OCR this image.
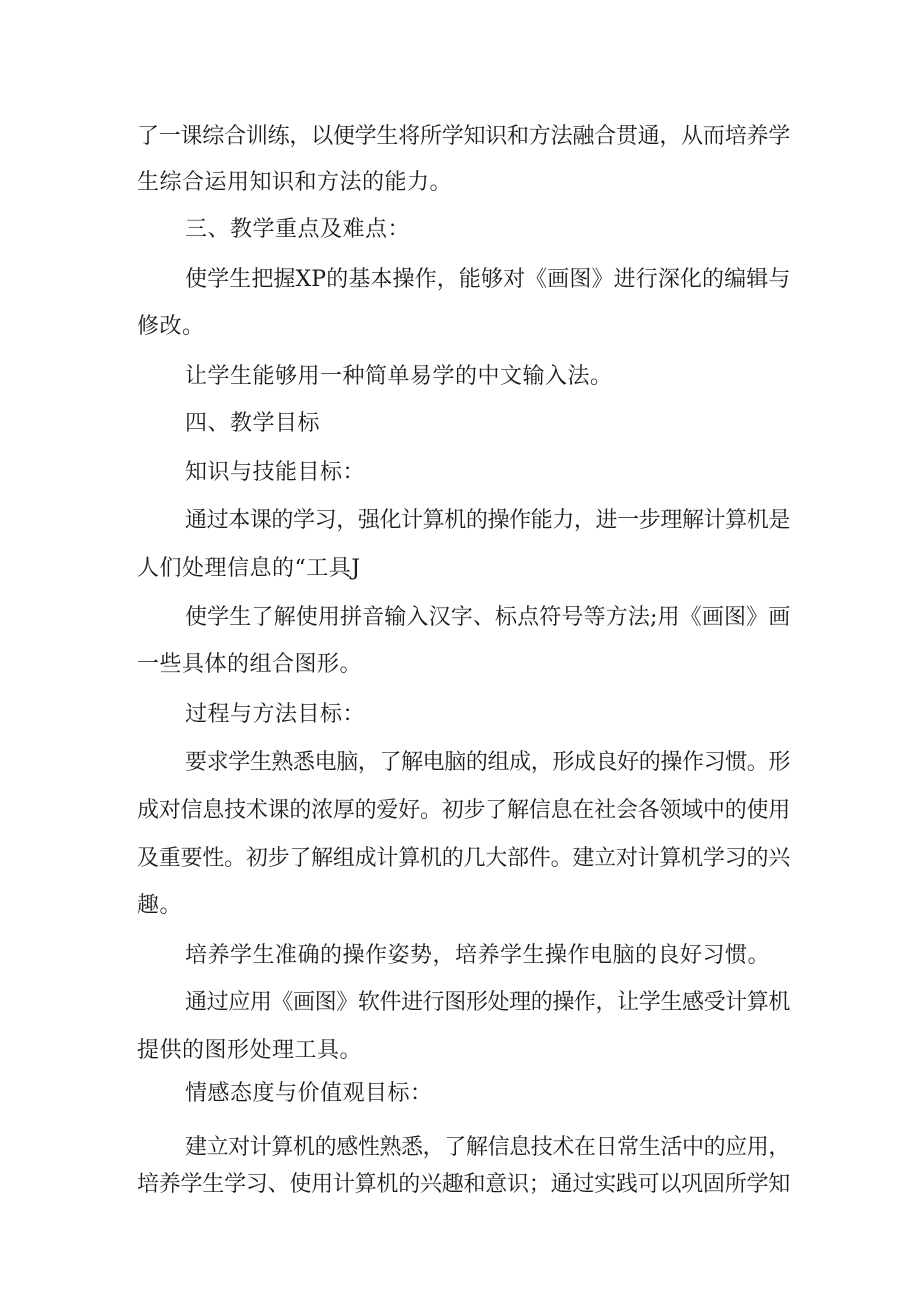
了一课综合训练，以便学生将所学知识和方法融合贯通，从而培养学
生综合运用知识和方法的能力。
三、教学重点及难点：
使学生把握XP的基本操作，能够对《画图》进行深化的编辑与
修改。
让学生能够用一种简单易学的中文输入法。
四、教学目标
知识与技能目标：
通过本课的学习，强化计算机的操作能力，进一步理解计算机是
人们处理信息的“工具J
使学生了解使用拼音输入汉字、标点符号等方法;用《画图》画
一些具体的组合图形。
过程与方法目标：
要求学生熟悉电脑，了解电脑的组成，形成良好的操作习惯。形
成对信息技术课的浓厚的爱好。初步了解信息在社会各领域中的使用
及重要性。初步了解组成计算机的几大部件。建立对计算机学习的兴
趣。
培养学生准确的操作姿势，培养学生操作电脑的良好习惯。
通过应用《画图》软件进行图形处理的操作，让学生感受计算机
提供的图形处理工具。
情感态度与价值观目标：
建立对计算机的感性熟悉，了解信息技术在日常生活中的应用，
培养学生学习、使用计算机的兴趣和意识；通过实践可以巩固所学知
